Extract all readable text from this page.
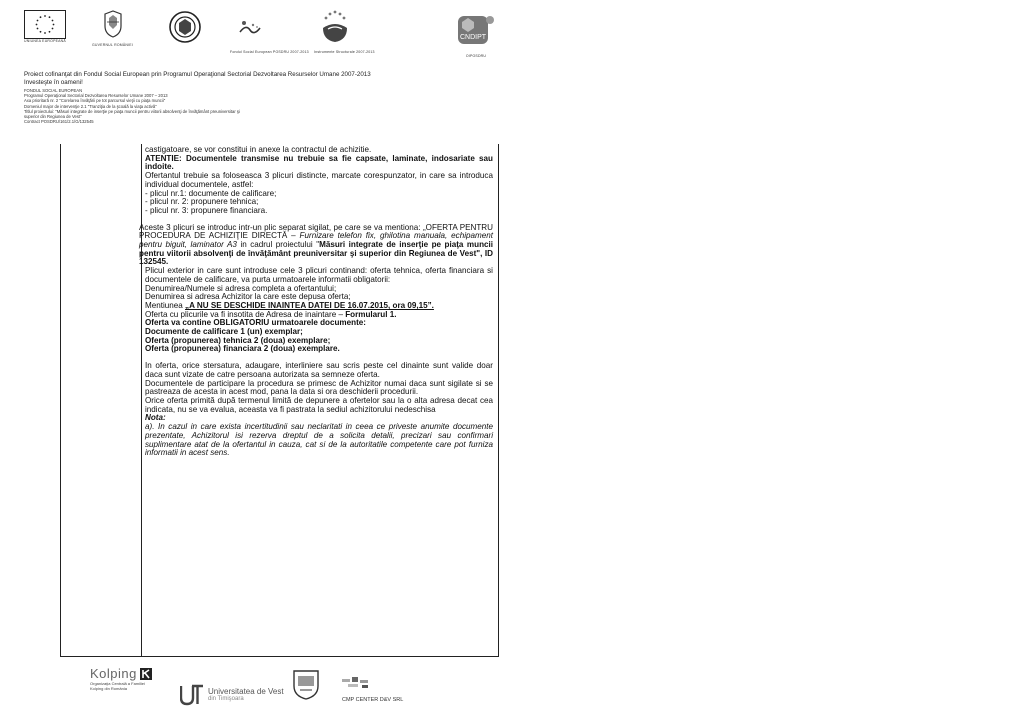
UNIUNEA EUROPEANĂ
GUVERNUL ROMÂNIEI
Fondul Social European POSDRU 2007-2013 Instrumente Structurale 2007-2013
CNDIPT
OIPOSDRU
Proiect cofinanţat din Fondul Social European prin Programul Operaţional Sectorial Dezvoltarea Resurselor Umane 2007-2013
Investeşte în oameni!
FONDUL SOCIAL EUROPEAN
Programul Operaţional Sectorial Dezvoltarea Resurselor Umane 2007 – 2013
Axa prioritară nr. 2 "Corelarea învăţării pe tot parcursul vieţii cu piaţa muncii"
Domeniul major de intervenţie 2.1 "Tranziţia de la şcoală la viaţa activă"
Titlul proiectului: "Măsuri integrate de inserţie pe piaţa muncii pentru viitorii absolvenţi de învăţământ preuniversitar şi
superior din Regiunea de Vest"
Contract POSDRU/161/2.1/G/132545

castigatoare, se vor constitui in anexe la contractul de achizitie.

ATENTIE: Documentele transmise nu trebuie sa fie capsate, laminate, indosariate sau indoite.

Ofertantul trebuie sa foloseasca 3 plicuri distincte, marcate corespunzator, in care sa introduca individual documentele, astfel:

- plicul nr.1: documente de calificare;

- plicul nr. 2: propunere tehnica;

- plicul nr. 3: propunere financiara.

Aceste 3 plicuri se introduc intr-un plic separat sigilat, pe care se va mentiona: „OFERTA PENTRU PROCEDURA DE ACHIZIŢIE DIRECTĂ – Furnizare telefon fix, ghilotina manuala, echipament pentru biguit, laminator A3 in cadrul proiectului "Măsuri integrate de inserţie pe piaţa muncii pentru viitorii absolvenţi de învăţământ preuniversitar şi superior din Regiunea de Vest", ID 132545.

Plicul exterior in care sunt introduse cele 3 plicuri continand: oferta tehnica, oferta financiara si documentele de calificare, va purta urmatoarele informatii obligatorii:

Denumirea/Numele si adresa completa a ofertantului;

Denumirea si adresa Achizitor la care este depusa oferta;

Mentiunea „A NU SE DESCHIDE INAINTEA DATEI DE 16.07.2015, ora 09,15”.

Oferta cu plicurile va fi insotita de Adresa de inaintare – Formularul 1.

Oferta va contine OBLIGATORIU urmatoarele documente:

Documente de calificare 1 (un) exemplar;

Oferta (propunerea) tehnica 2 (doua) exemplare;

Oferta (propunerea) financiara 2 (doua) exemplare.

In oferta, orice stersatura, adaugare, interliniere sau scris peste cel dinainte sunt valide doar daca sunt vizate de catre persoana autorizata sa semneze oferta.

Documentele de participare la procedura se primesc de Achizitor numai daca sunt sigilate si se pastreaza de acesta in acest mod, pana la data si ora deschiderii procedurii.

Orice oferta primită după termenul limită de depunere a ofertelor sau la o alta adresa decat cea indicata, nu se va evalua, aceasta va fi pastrata la sediul achizitorului nedeschisa

Nota:

a). In cazul in care exista incertitudinii sau neclaritati in ceea ce priveste anumite documente prezentate, Achizitorul isi rezerva dreptul de a solicita detalii, precizari sau confirmari suplimentare atat de la ofertantul in cauza, cat si de la autoritatile competente care pot furniza informatii in acest sens.

Kolping
Organizaţia Centrală a Familiei
Kolping din România	Universitatea de Vest
din Timişoara	CMP CENTER D&V SRL
